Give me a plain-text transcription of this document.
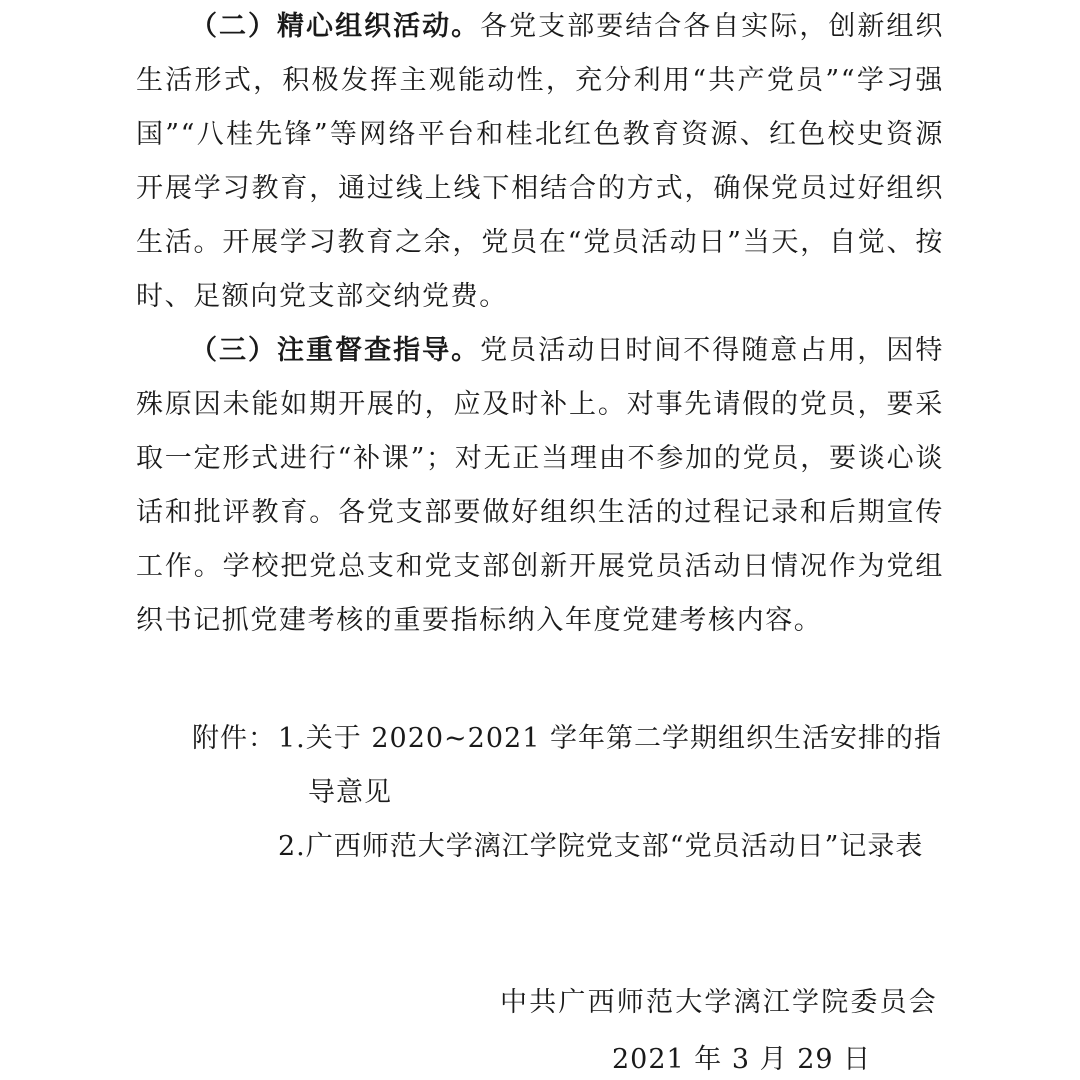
（二）精心组织活动。各党支部要结合各自实际，创新组织生活形式，积极发挥主观能动性，充分利用“共产党员”“学习强国”“八桂先锋”等网络平台和桂北红色教育资源、红色校史资源开展学习教育，通过线上线下相结合的方式，确保党员过好组织生活。开展学习教育之余，党员在“党员活动日”当天，自觉、按时、足额向党支部交纳党费。

（三）注重督查指导。党员活动日时间不得随意占用，因特殊原因未能如期开展的，应及时补上。对事先请假的党员，要采取一定形式进行“补课”；对无正当理由不参加的党员，要谈心谈话和批评教育。各党支部要做好组织生活的过程记录和后期宣传工作。学校把党总支和党支部创新开展党员活动日情况作为党组织书记抓党建考核的重要指标纳入年度党建考核内容。

附件： 1.关于 2020~2021 学年第二学期组织生活安排的指导意见
2.广西师范大学漓江学院党支部“党员活动日”记录表
中共广西师范大学漓江学院委员会
2021 年 3 月 29 日
